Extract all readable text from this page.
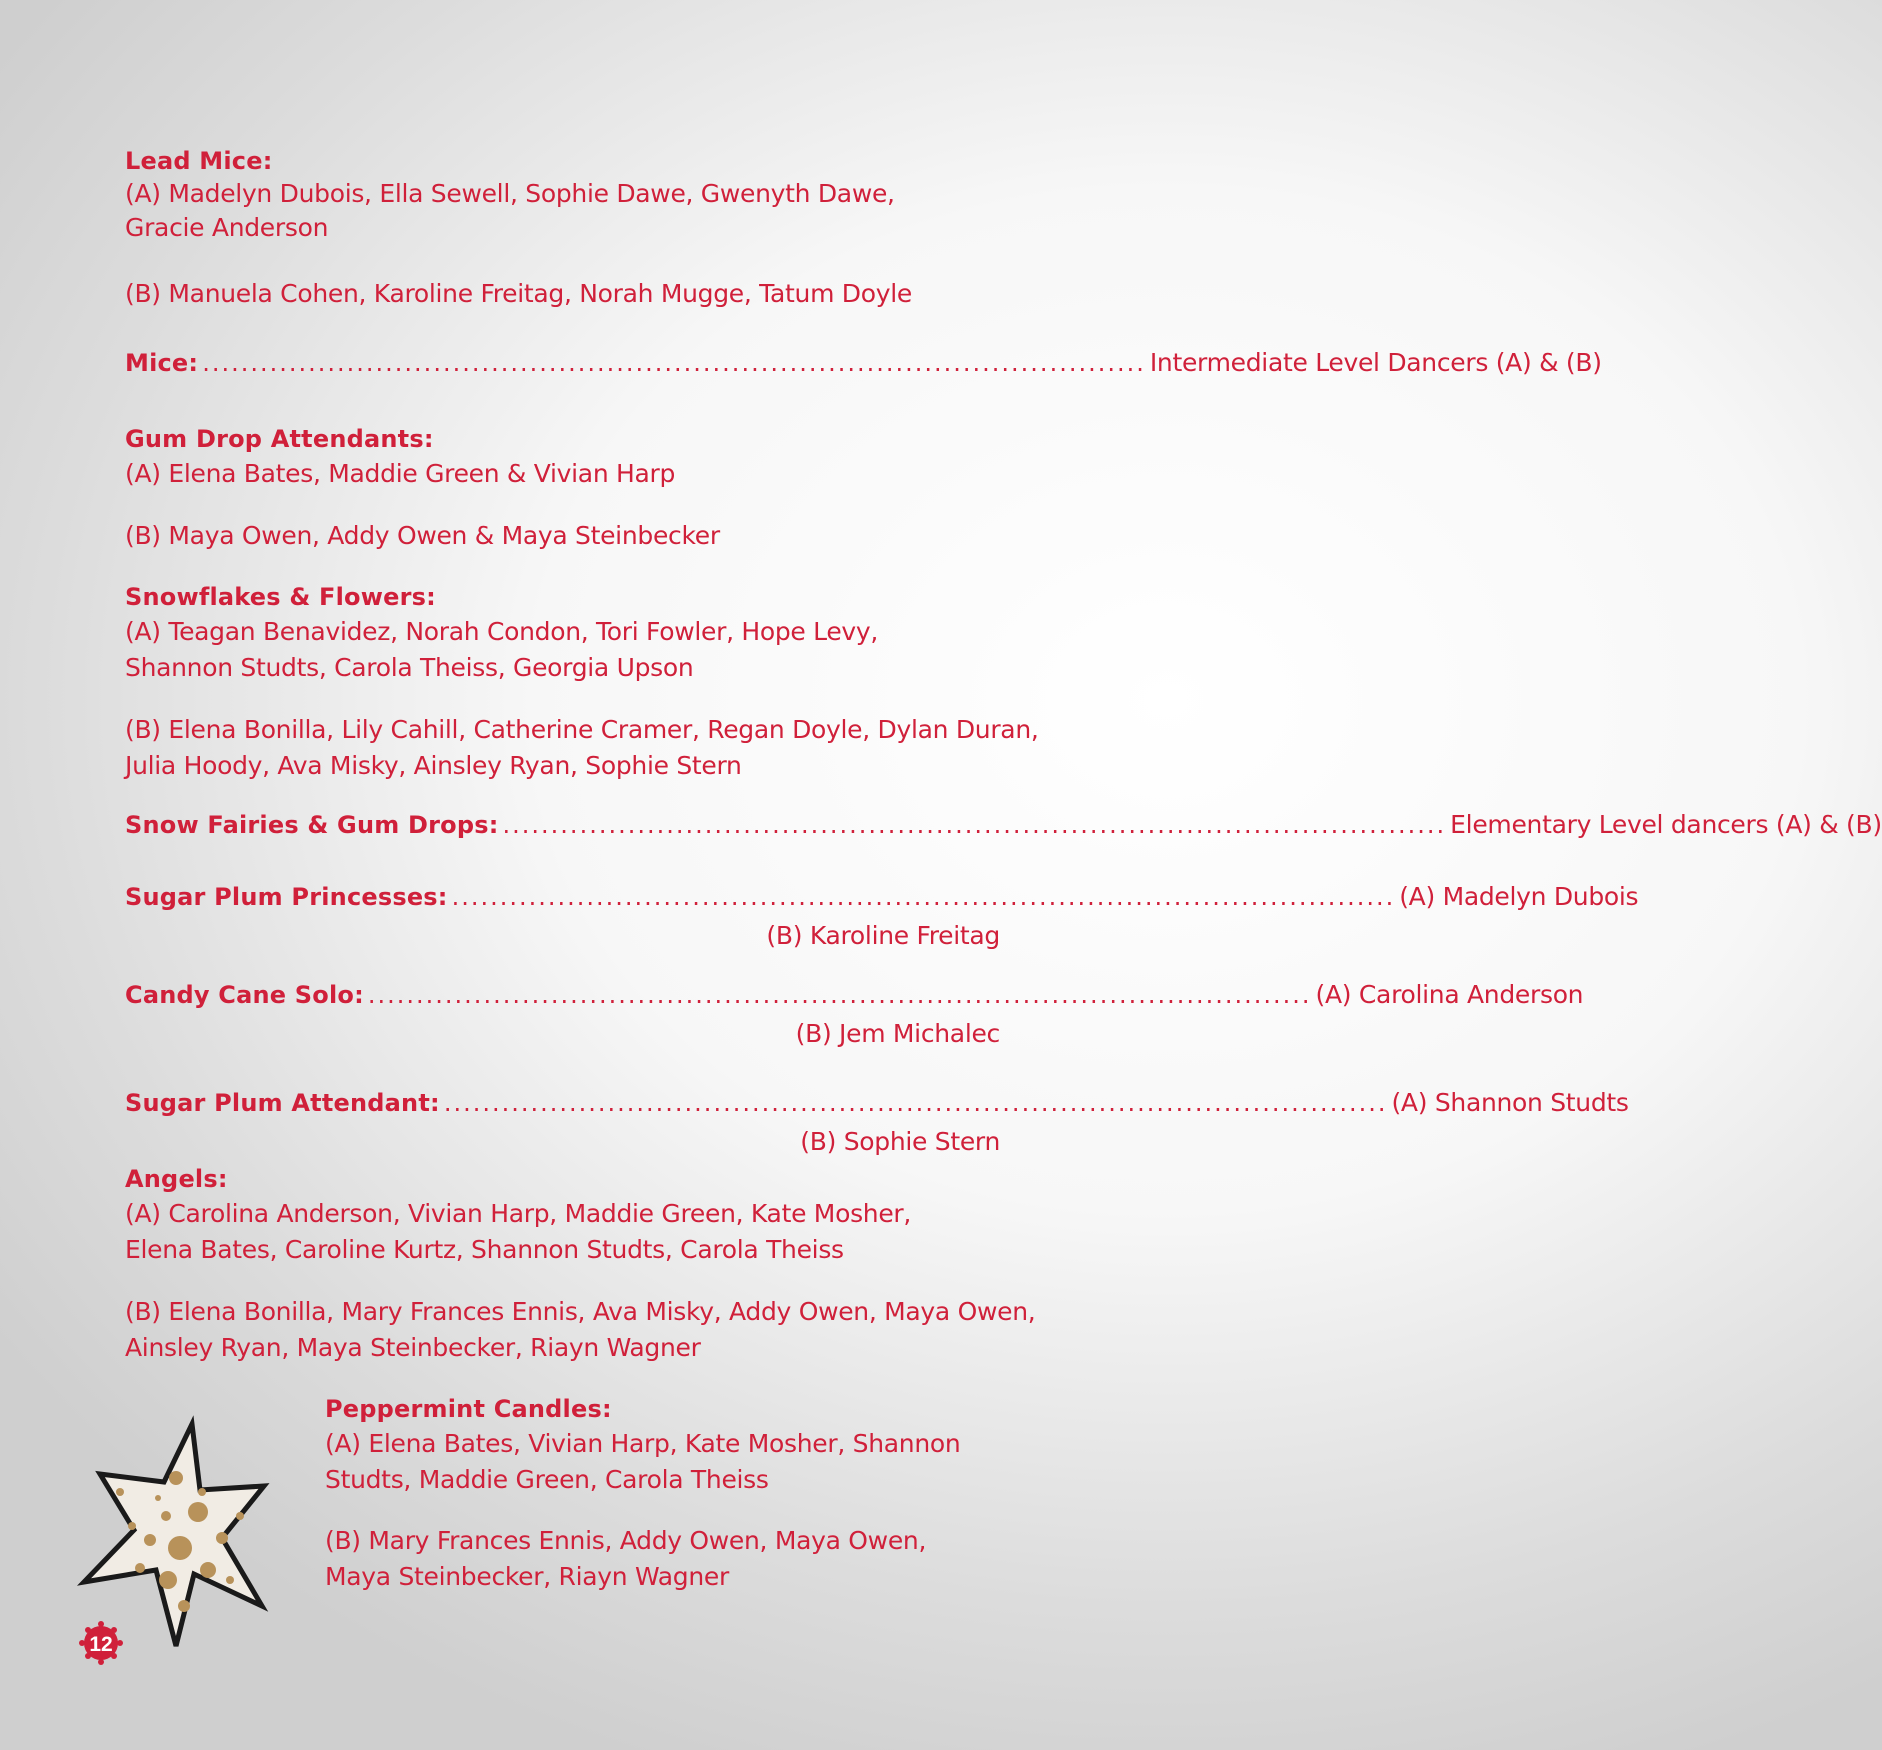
Lead Mice:
(A) Madelyn Dubois, Ella Sewell, Sophie Dawe, Gwenyth Dawe,
Gracie Anderson
(B) Manuela Cohen, Karoline Freitag, Norah Mugge, Tatum Doyle
Mice: .................................................................................................. Intermediate Level Dancers (A) & (B)
Gum Drop Attendants:
(A) Elena Bates, Maddie Green & Vivian Harp
(B) Maya Owen, Addy Owen & Maya Steinbecker
Snowflakes & Flowers:
(A) Teagan Benavidez, Norah Condon, Tori Fowler, Hope Levy,
Shannon Studts, Carola Theiss, Georgia Upson
(B) Elena Bonilla, Lily Cahill, Catherine Cramer, Regan Doyle, Dylan Duran,
Julia Hoody, Ava Misky, Ainsley Ryan, Sophie Stern
Snow Fairies & Gum Drops: .................................................................................................. Elementary Level dancers (A) & (B)
Sugar Plum Princesses: .................................................................................................. (A) Madelyn Dubois
(B) Karoline Freitag
Candy Cane Solo: .................................................................................................. (A) Carolina Anderson
(B) Jem Michalec
Sugar Plum Attendant: .................................................................................................. (A) Shannon Studts
(B) Sophie Stern
Angels:
(A) Carolina Anderson, Vivian Harp, Maddie Green, Kate Mosher,
Elena Bates, Caroline Kurtz, Shannon Studts, Carola Theiss
(B) Elena Bonilla, Mary Frances Ennis, Ava Misky, Addy Owen, Maya Owen,
Ainsley Ryan, Maya Steinbecker, Riayn Wagner
Peppermint Candles:
(A) Elena Bates, Vivian Harp, Kate Mosher, Shannon
Studts, Maddie Green, Carola Theiss
(B) Mary Frances Ennis, Addy Owen, Maya Owen,
Maya Steinbecker, Riayn Wagner
12
